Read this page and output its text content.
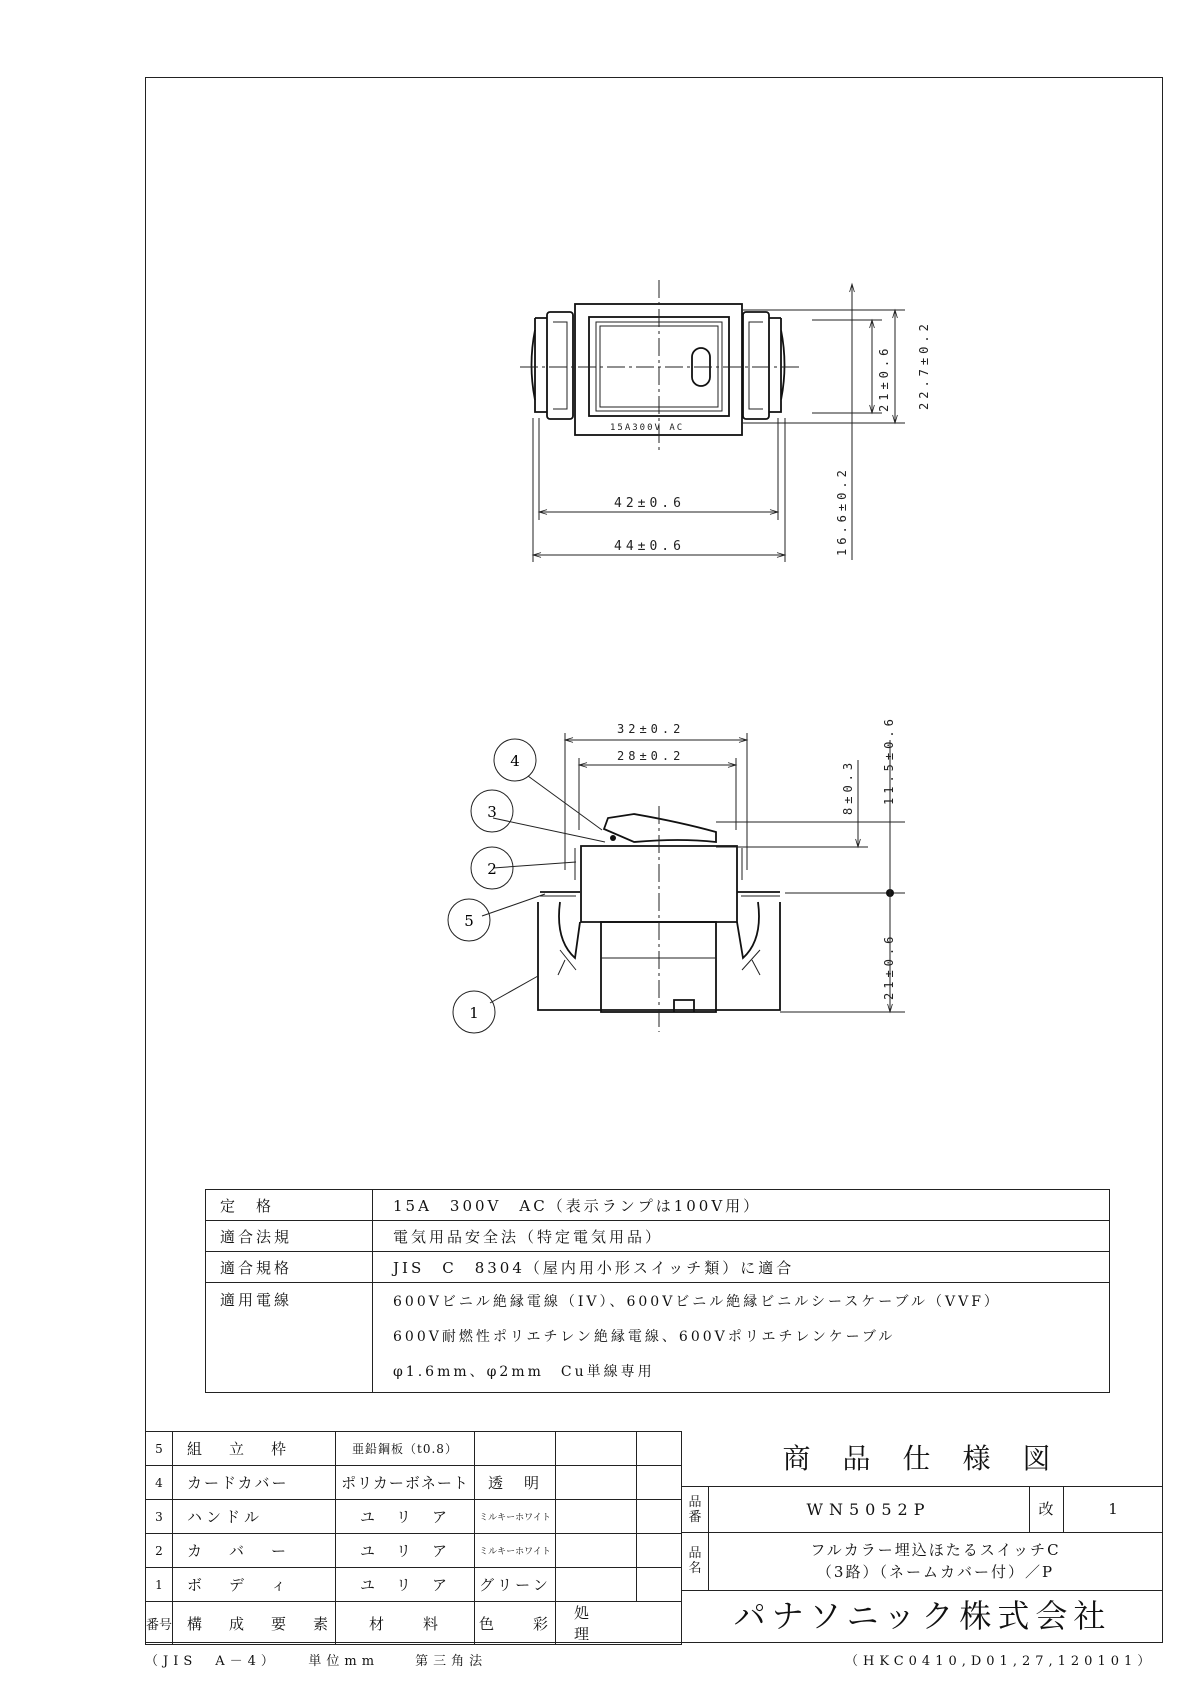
15A300V AC
42±0.6
44±0.6
22.7±0.2
21±0.6
16.6±0.2
32±0.2
28±0.2
8±0.3 11.5±0.6
21±0.6
4
3
2
5
1
定　格	15A　300V　AC（表示ランプは100V用）
適合法規	電気用品安全法（特定電気用品）
適合規格	JIS　C　8304（屋内用小形スイッチ類）に適合
適用電線	600Vビニル絶縁電線（IV）、600Vビニル絶縁ビニルシースケーブル（VVF）
600V耐燃性ポリエチレン絶縁電線、600Vポリエチレンケーブル
φ1.6mm、φ2mm　Cu単線専用
5	組　立　枠	亜鉛鋼板（t0.8）			
4	カードカバー	ポリカーボネート	透　明		
3	ハンドル	ユ　リ　ア	ミルキーホワイト		
2	カ　バ　ー	ユ　リ　ア	ミルキーホワイト		
1	ボ　デ　ィ	ユ　リ　ア	グリーン		
番号	構　成　要　素	材　　料	色　　彩	処　　理	
商品仕様図
品
番	WN5052P	改	1
品
名
フルカラー埋込ほたるスイッチC
（3路）（ネームカバー付）／P
パナソニック株式会社
（JIS　A－4）　　単位mm　　第三角法	（HKC0410,D01,27,120101）
